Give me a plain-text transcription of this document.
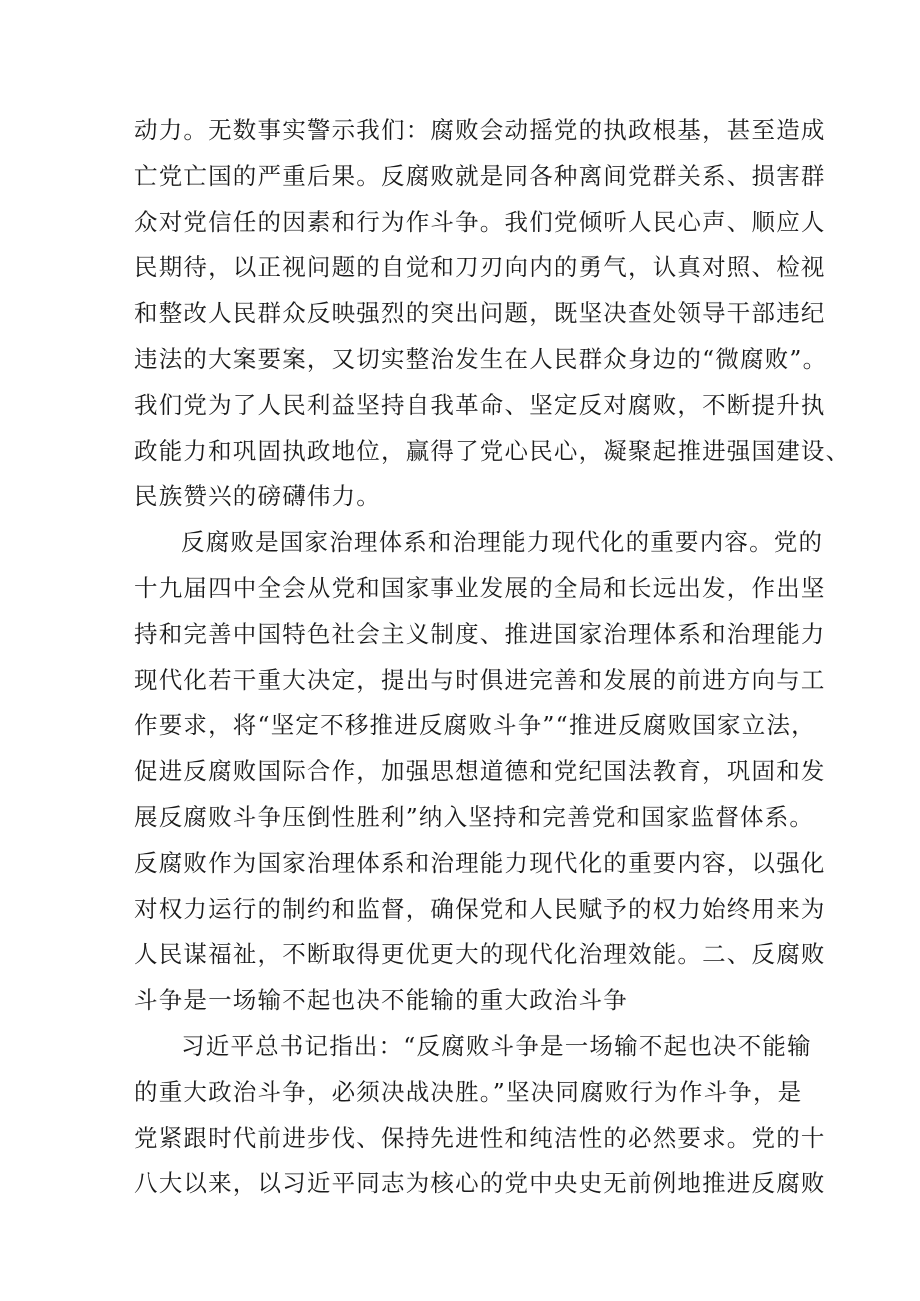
动力。无数事实警示我们：腐败会动摇党的执政根基，甚至造成
亡党亡国的严重后果。反腐败就是同各种离间党群关系、损害群
众对党信任的因素和行为作斗争。我们党倾听人民心声、顺应人
民期待，以正视问题的自觉和刀刃向内的勇气，认真对照、检视
和整改人民群众反映强烈的突出问题，既坚决查处领导干部违纪
违法的大案要案，又切实整治发生在人民群众身边的“微腐败”。
我们党为了人民利益坚持自我革命、坚定反对腐败，不断提升执
政能力和巩固执政地位，赢得了党心民心，凝聚起推进强国建设、
民族赞兴的磅礴伟力。
反腐败是国家治理体系和治理能力现代化的重要内容。党的
十九届四中全会从党和国家事业发展的全局和长远出发，作出坚
持和完善中国特色社会主义制度、推进国家治理体系和治理能力
现代化若干重大决定，提出与时俱进完善和发展的前进方向与工
作要求，将“坚定不移推进反腐败斗争”“推进反腐败国家立法，
促进反腐败国际合作，加强思想道德和党纪国法教育，巩固和发
展反腐败斗争压倒性胜利”纳入坚持和完善党和国家监督体系。
反腐败作为国家治理体系和治理能力现代化的重要内容，以强化
对权力运行的制约和监督，确保党和人民赋予的权力始终用来为
人民谋福祉，不断取得更优更大的现代化治理效能。二、反腐败
斗争是一场输不起也决不能输的重大政治斗争
习近平总书记指出：“反腐败斗争是一场输不起也决不能输
的重大政治斗争，必须决战决胜。”坚决同腐败行为作斗争，是
党紧跟时代前进步伐、保持先进性和纯洁性的必然要求。党的十
八大以来，以习近平同志为核心的党中央史无前例地推进反腐败
